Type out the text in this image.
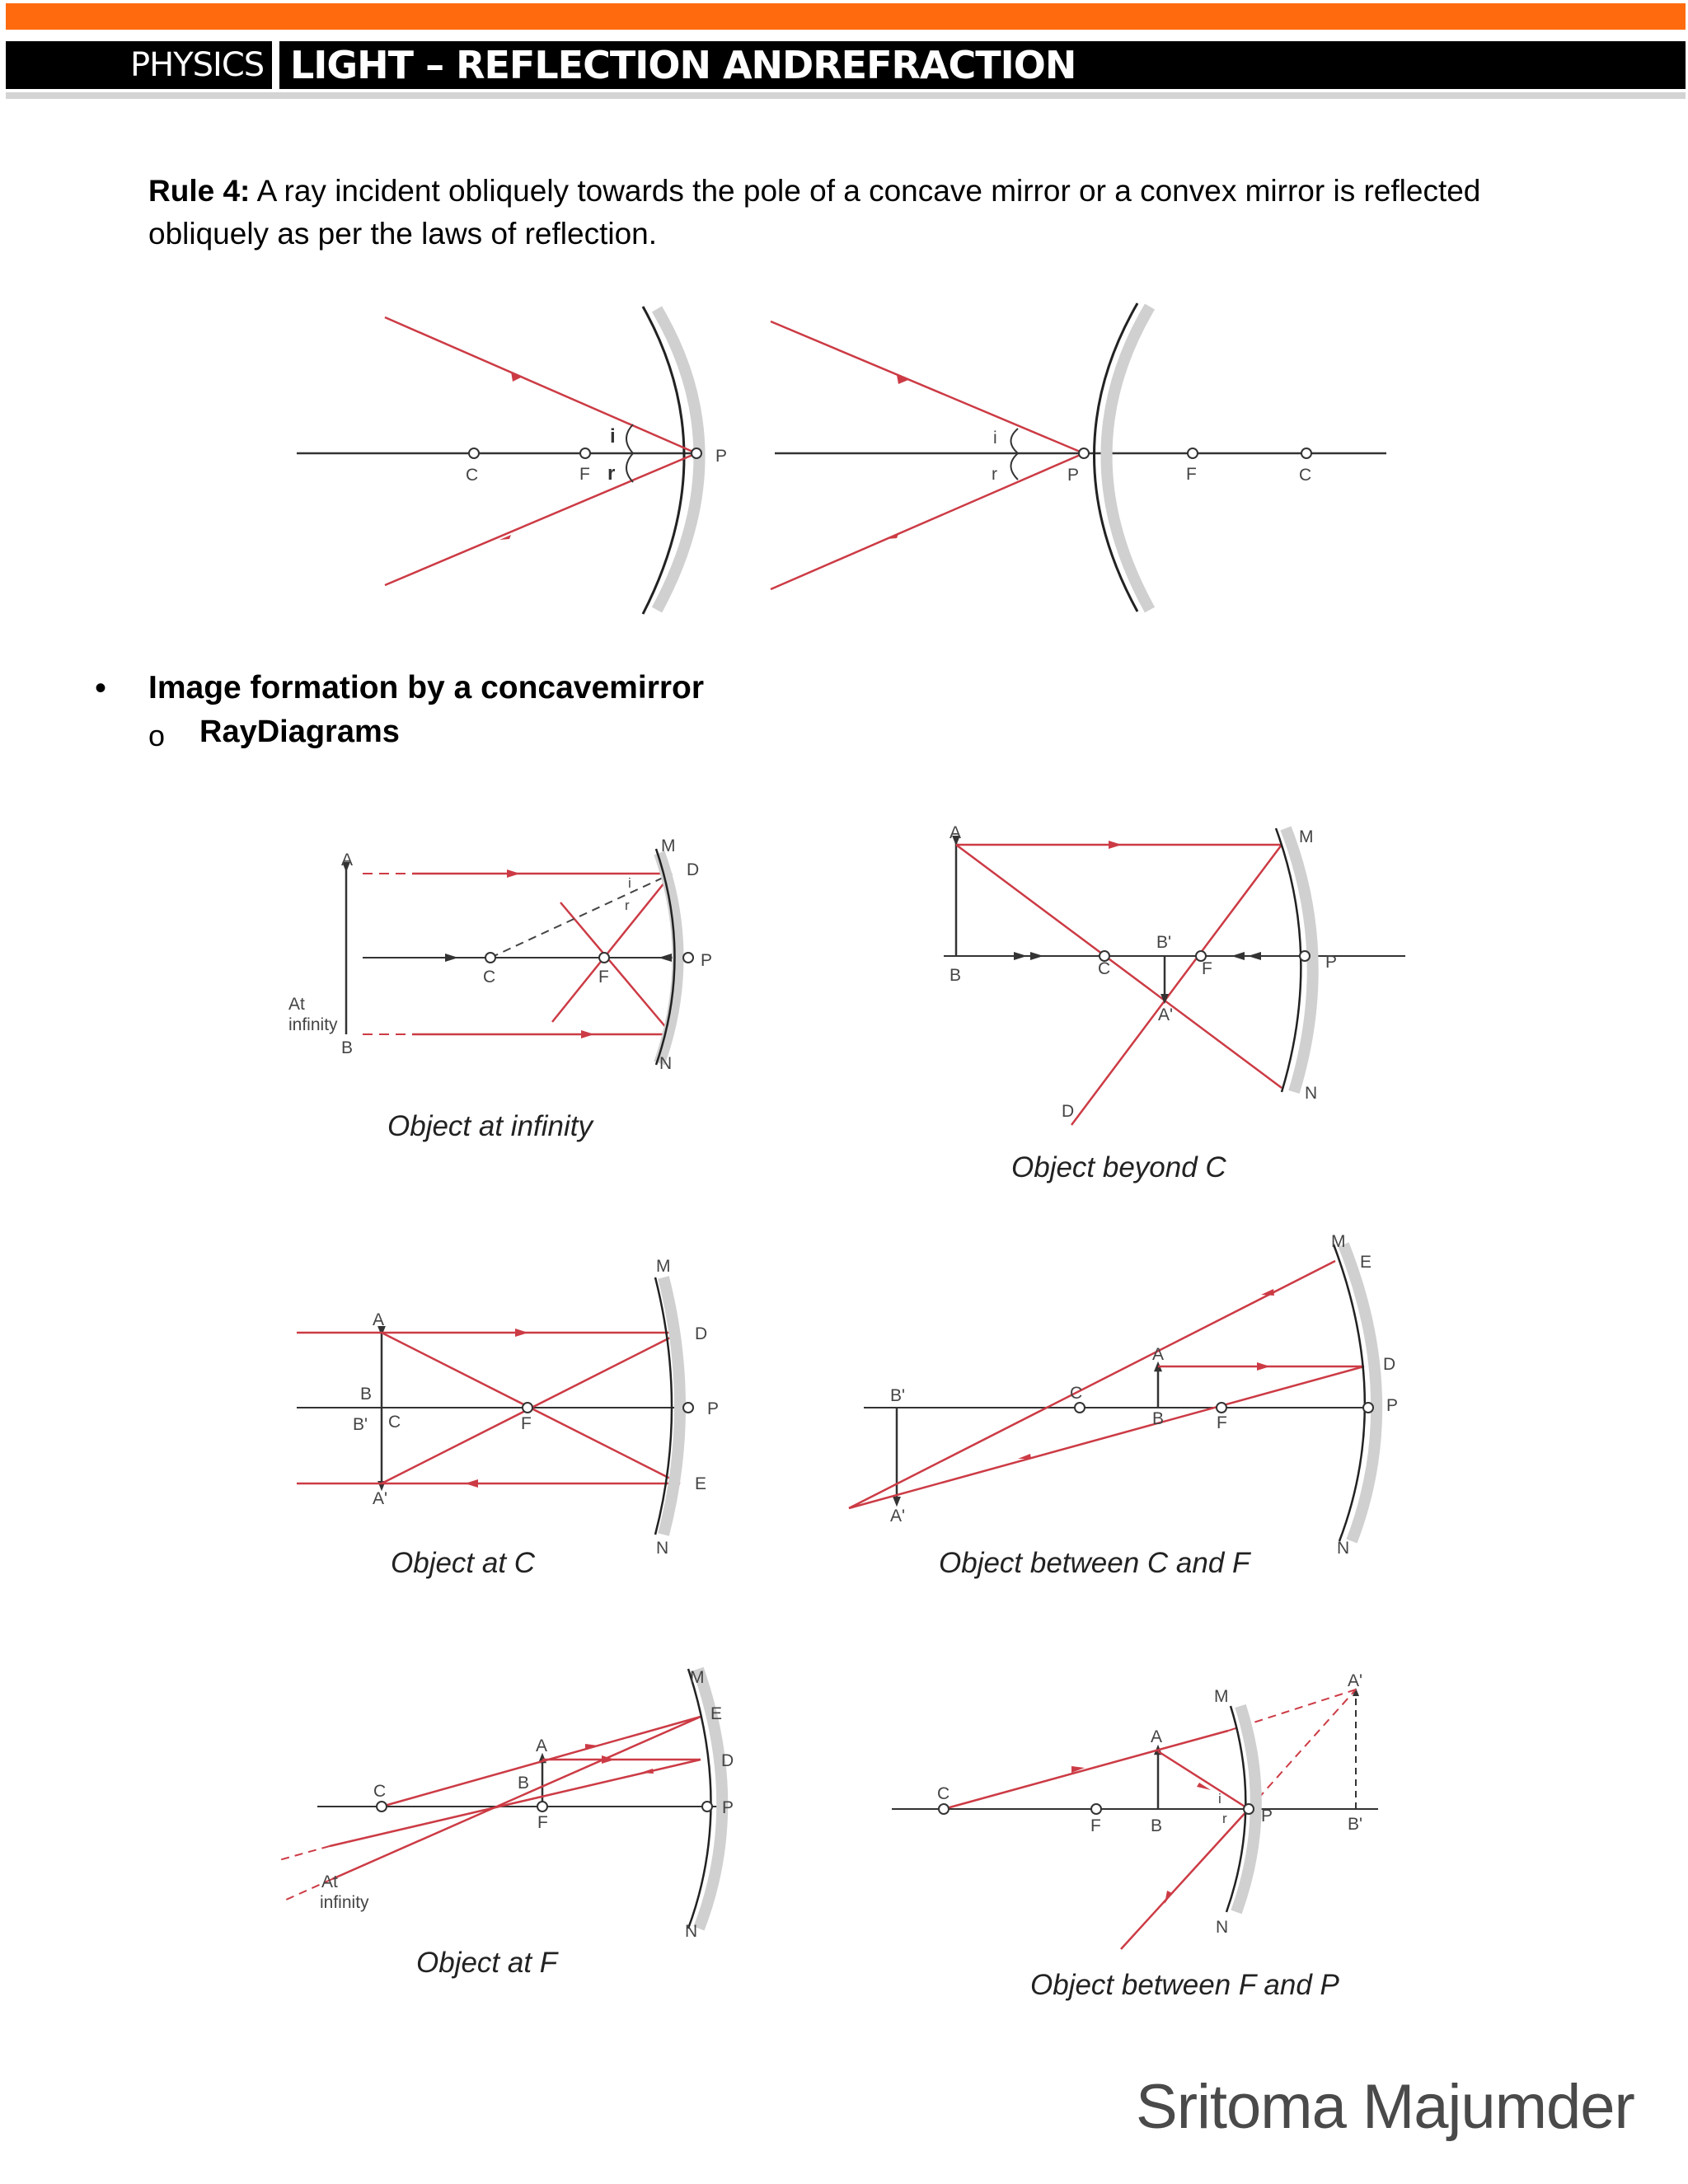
PHYSICS LIGHT – REFLECTION ANDREFRACTION
Rule 4: A ray incident obliquely towards the pole of a concave mirror or a convex mirror is reflected obliquely as per the laws of reflection.
C	F
P
i
r	P	F	C
i
r
• Image formation by a concavemirror
o RayDiagrams
A
B
C	F
P
M
N
D
i
r
At
infinity
Object at infinity
A
B	C	F	P
M
N
D
B'
A'
Object beyond C
A
B
B' C
A'
F
P
M
N
D
E
Object at C
A
B
C
F
P
M
N
E
D
B'
A'
Object between C and F
A
B
C
F
P
M
N
E
D
At
infinity
Object at F
A
B
C
F
P
M
N
i
r
A'
B'
Object between F and P
Sritoma Majumder
